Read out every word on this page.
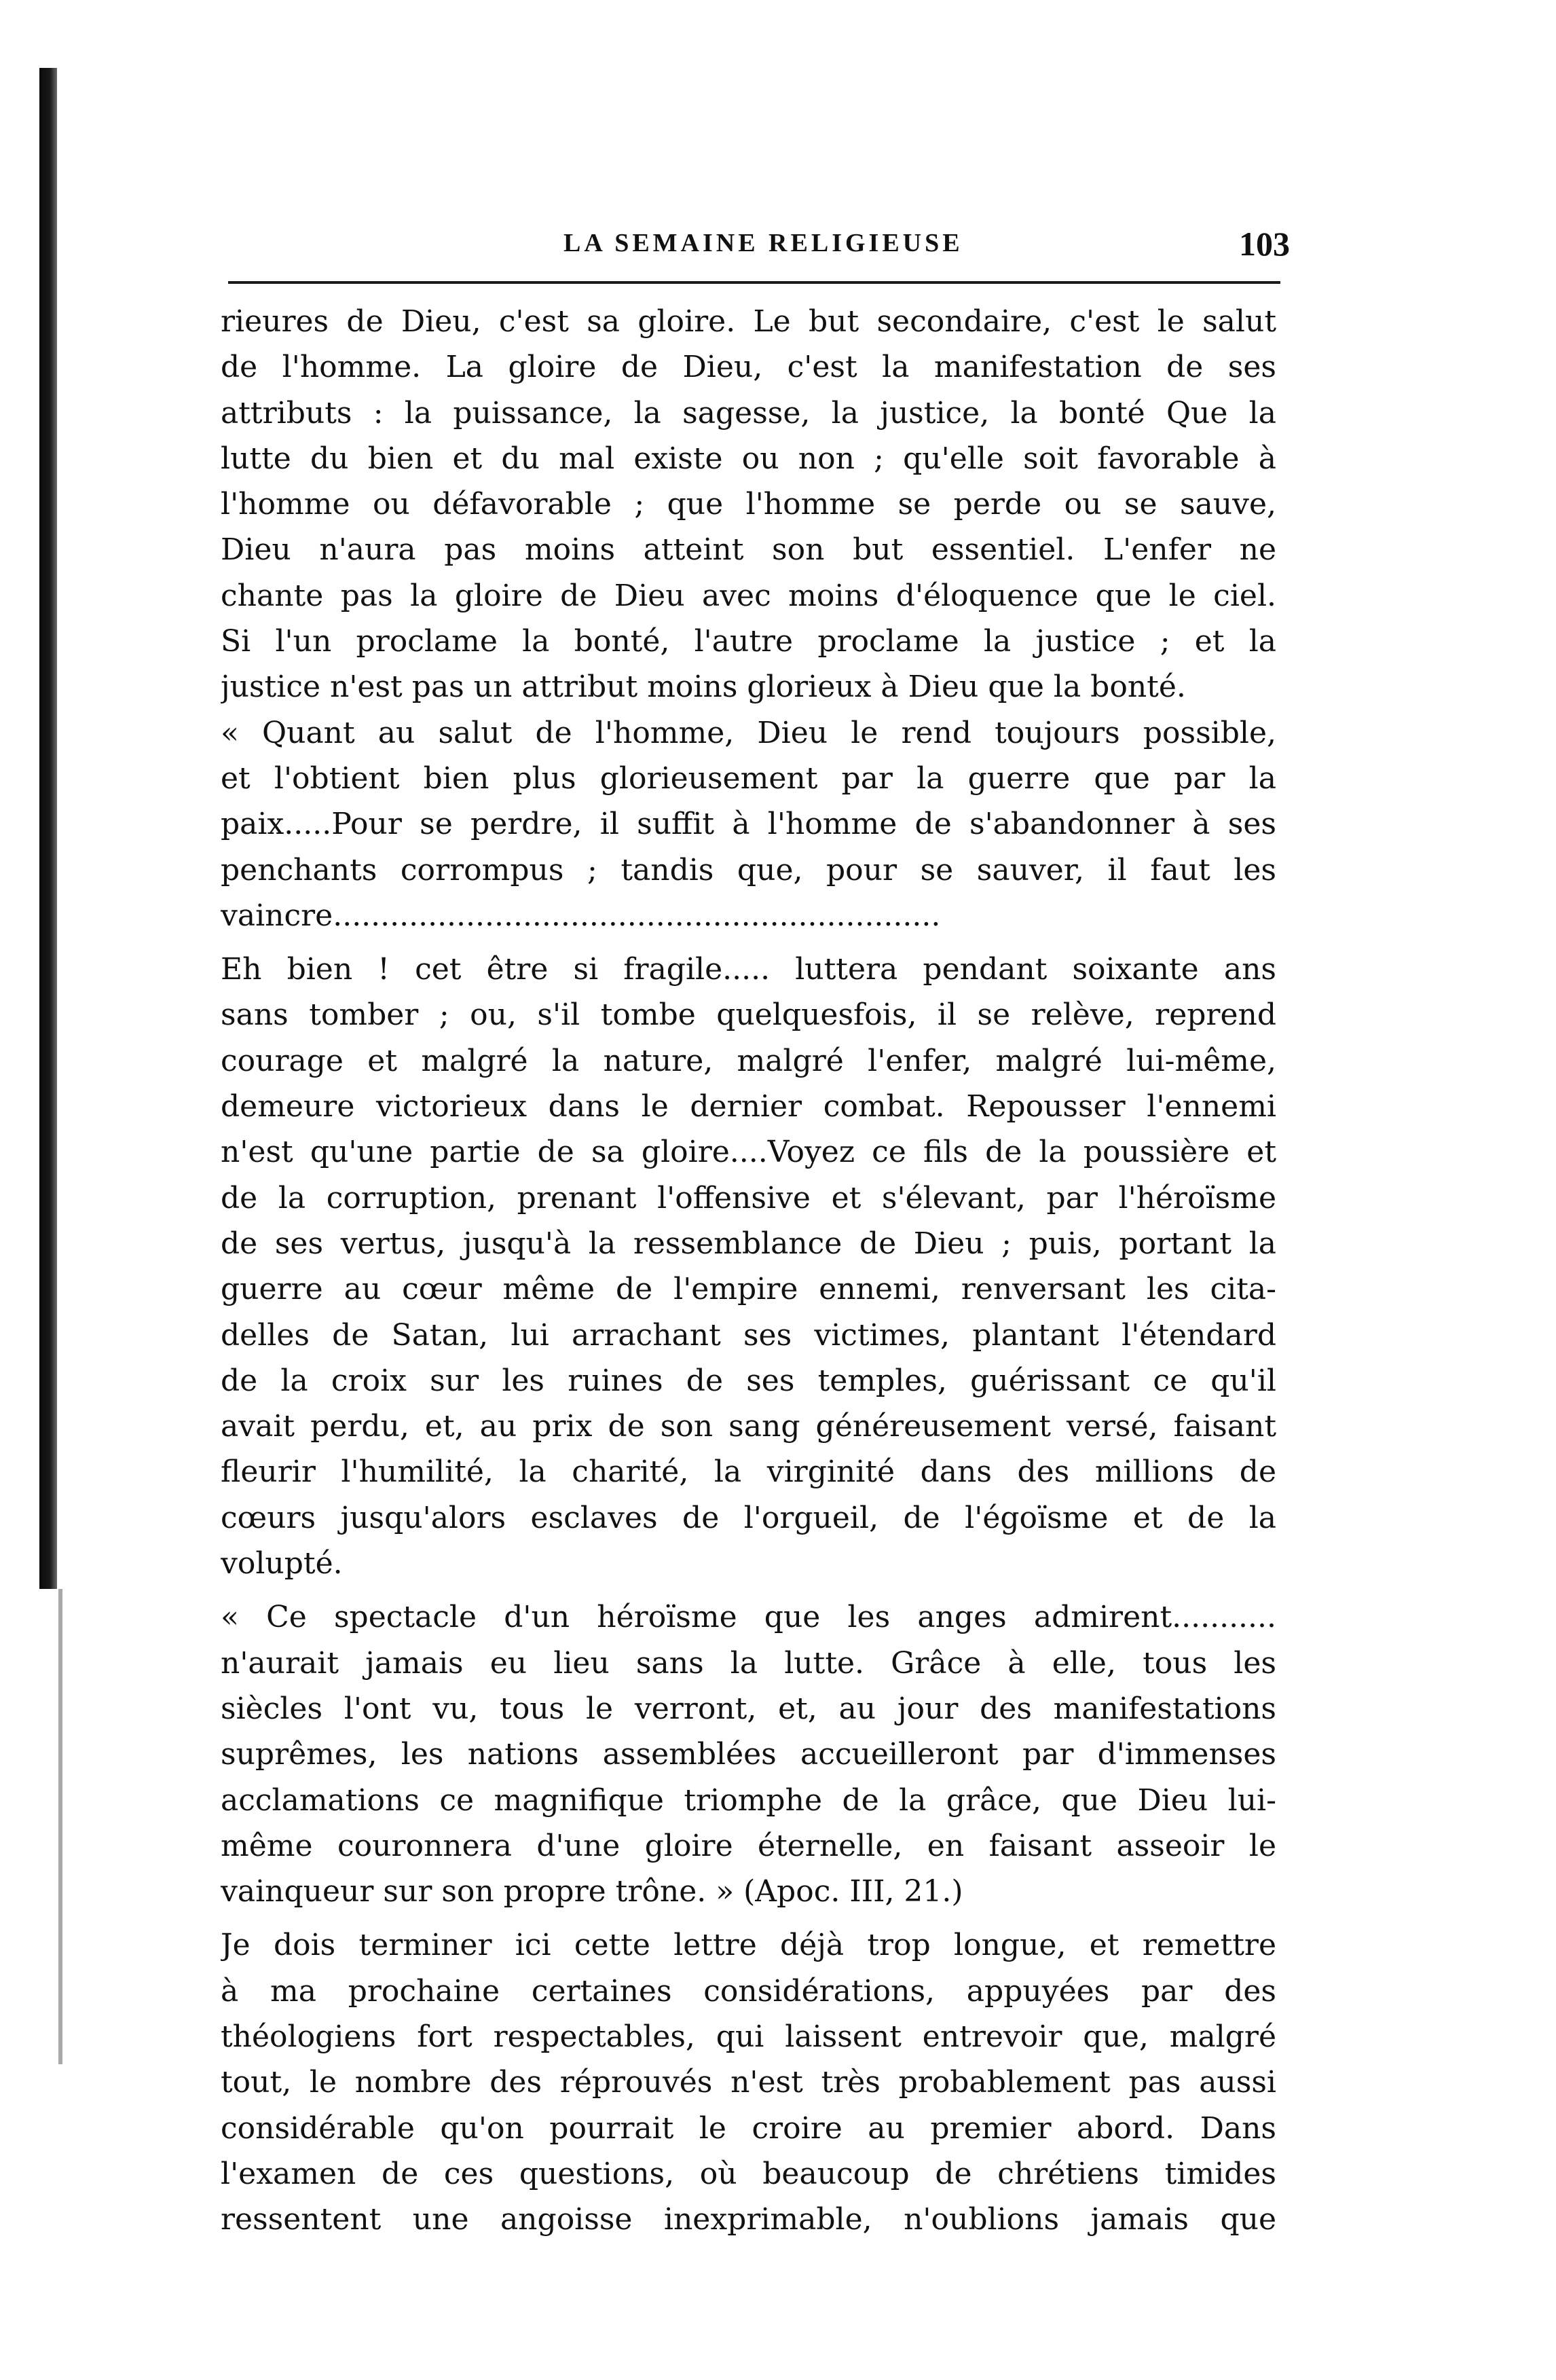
LA SEMAINE RELIGIEUSE	103
rieures de Dieu, c'est sa gloire. Le but secondaire, c'est le salut
de l'homme. La gloire de Dieu, c'est la manifestation de ses
attributs : la puissance, la sagesse, la justice, la bonté Que la
lutte du bien et du mal existe ou non ; qu'elle soit favorable à
l'homme ou défavorable ; que l'homme se perde ou se sauve,
Dieu n'aura pas moins atteint son but essentiel. L'enfer ne
chante pas la gloire de Dieu avec moins d'éloquence que le ciel.
Si l'un proclame la bonté, l'autre proclame la justice ; et la
justice n'est pas un attribut moins glorieux à Dieu que la bonté.
« Quant au salut de l'homme, Dieu le rend toujours possible,
et l'obtient bien plus glorieusement par la guerre que par la
paix.....Pour se perdre, il suffit à l'homme de s'abandonner à ses
penchants corrompus ; tandis que, pour se sauver, il faut les
vaincre................................................................
Eh bien ! cet être si fragile..... luttera pendant soixante ans
sans tomber ; ou, s'il tombe quelquesfois, il se relève, reprend
courage et malgré la nature, malgré l'enfer, malgré lui-même,
demeure victorieux dans le dernier combat. Repousser l'ennemi
n'est qu'une partie de sa gloire....Voyez ce fils de la poussière et
de la corruption, prenant l'offensive et s'élevant, par l'héroïsme
de ses vertus, jusqu'à la ressemblance de Dieu ; puis, portant la
guerre au cœur même de l'empire ennemi, renversant les cita-
delles de Satan, lui arrachant ses victimes, plantant l'étendard
de la croix sur les ruines de ses temples, guérissant ce qu'il
avait perdu, et, au prix de son sang généreusement versé, faisant
fleurir l'humilité, la charité, la virginité dans des millions de
cœurs jusqu'alors esclaves de l'orgueil, de l'égoïsme et de la
volupté.
« Ce spectacle d'un héroïsme que les anges admirent...........
n'aurait jamais eu lieu sans la lutte. Grâce à elle, tous les
siècles l'ont vu, tous le verront, et, au jour des manifestations
suprêmes, les nations assemblées accueilleront par d'immenses
acclamations ce magnifique triomphe de la grâce, que Dieu lui-
même couronnera d'une gloire éternelle, en faisant asseoir le
vainqueur sur son propre trône. » (Apoc. III, 21.)
Je dois terminer ici cette lettre déjà trop longue, et remettre
à ma prochaine certaines considérations, appuyées par des
théologiens fort respectables, qui laissent entrevoir que, malgré
tout, le nombre des réprouvés n'est très probablement pas aussi
considérable qu'on pourrait le croire au premier abord. Dans
l'examen de ces questions, où beaucoup de chrétiens timides
ressentent une angoisse inexprimable, n'oublions jamais que
